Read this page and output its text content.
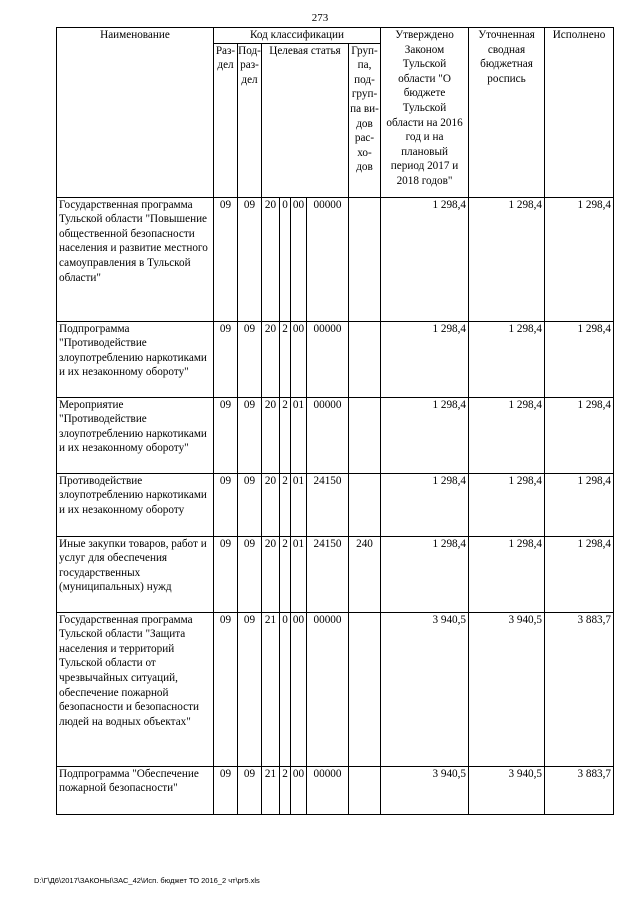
273
Наименование	Код классификации							Утверждено Законом Тульской области "О бюджете Тульской области на 2016 год и на плановый период 2017 и 2018 годов"	Уточненная сводная бюджетная роспись	Исполнено
	Раз-дел	Под-раз-дел	Целевая статья				Груп-па, под-груп-па ви-дов рас-хо-дов			
Государственная программа Тульской области "Повышение общественной безопасности населения и развитие местного самоуправления в Тульской области"	09	09	20	0	00	00000		1 298,4	1 298,4	1 298,4
Подпрограмма "Противодействие злоупотреблению наркотиками и их незаконному обороту"	09	09	20	2	00	00000		1 298,4	1 298,4	1 298,4
Мероприятие "Противодействие злоупотреблению наркотиками и их незаконному обороту"	09	09	20	2	01	00000		1 298,4	1 298,4	1 298,4
Противодействие злоупотреблению наркотиками и их незаконному обороту	09	09	20	2	01	24150		1 298,4	1 298,4	1 298,4
Иные закупки товаров, работ и услуг для обеспечения государственных (муниципальных) нужд	09	09	20	2	01	24150	240	1 298,4	1 298,4	1 298,4
Государственная программа Тульской области "Защита населения и территорий Тульской области от чрезвычайных ситуаций, обеспечение пожарной безопасности и безопасности людей на водных объектах"	09	09	21	0	00	00000		3 940,5	3 940,5	3 883,7
Подпрограмма "Обеспечение пожарной безопасности"	09	09	21	2	00	00000		3 940,5	3 940,5	3 883,7
D:\Г\Д6\2017\ЗАКОНЫ\ЗАС_42\Исп. бюджет ТО 2016_2 чт\pr5.xls
